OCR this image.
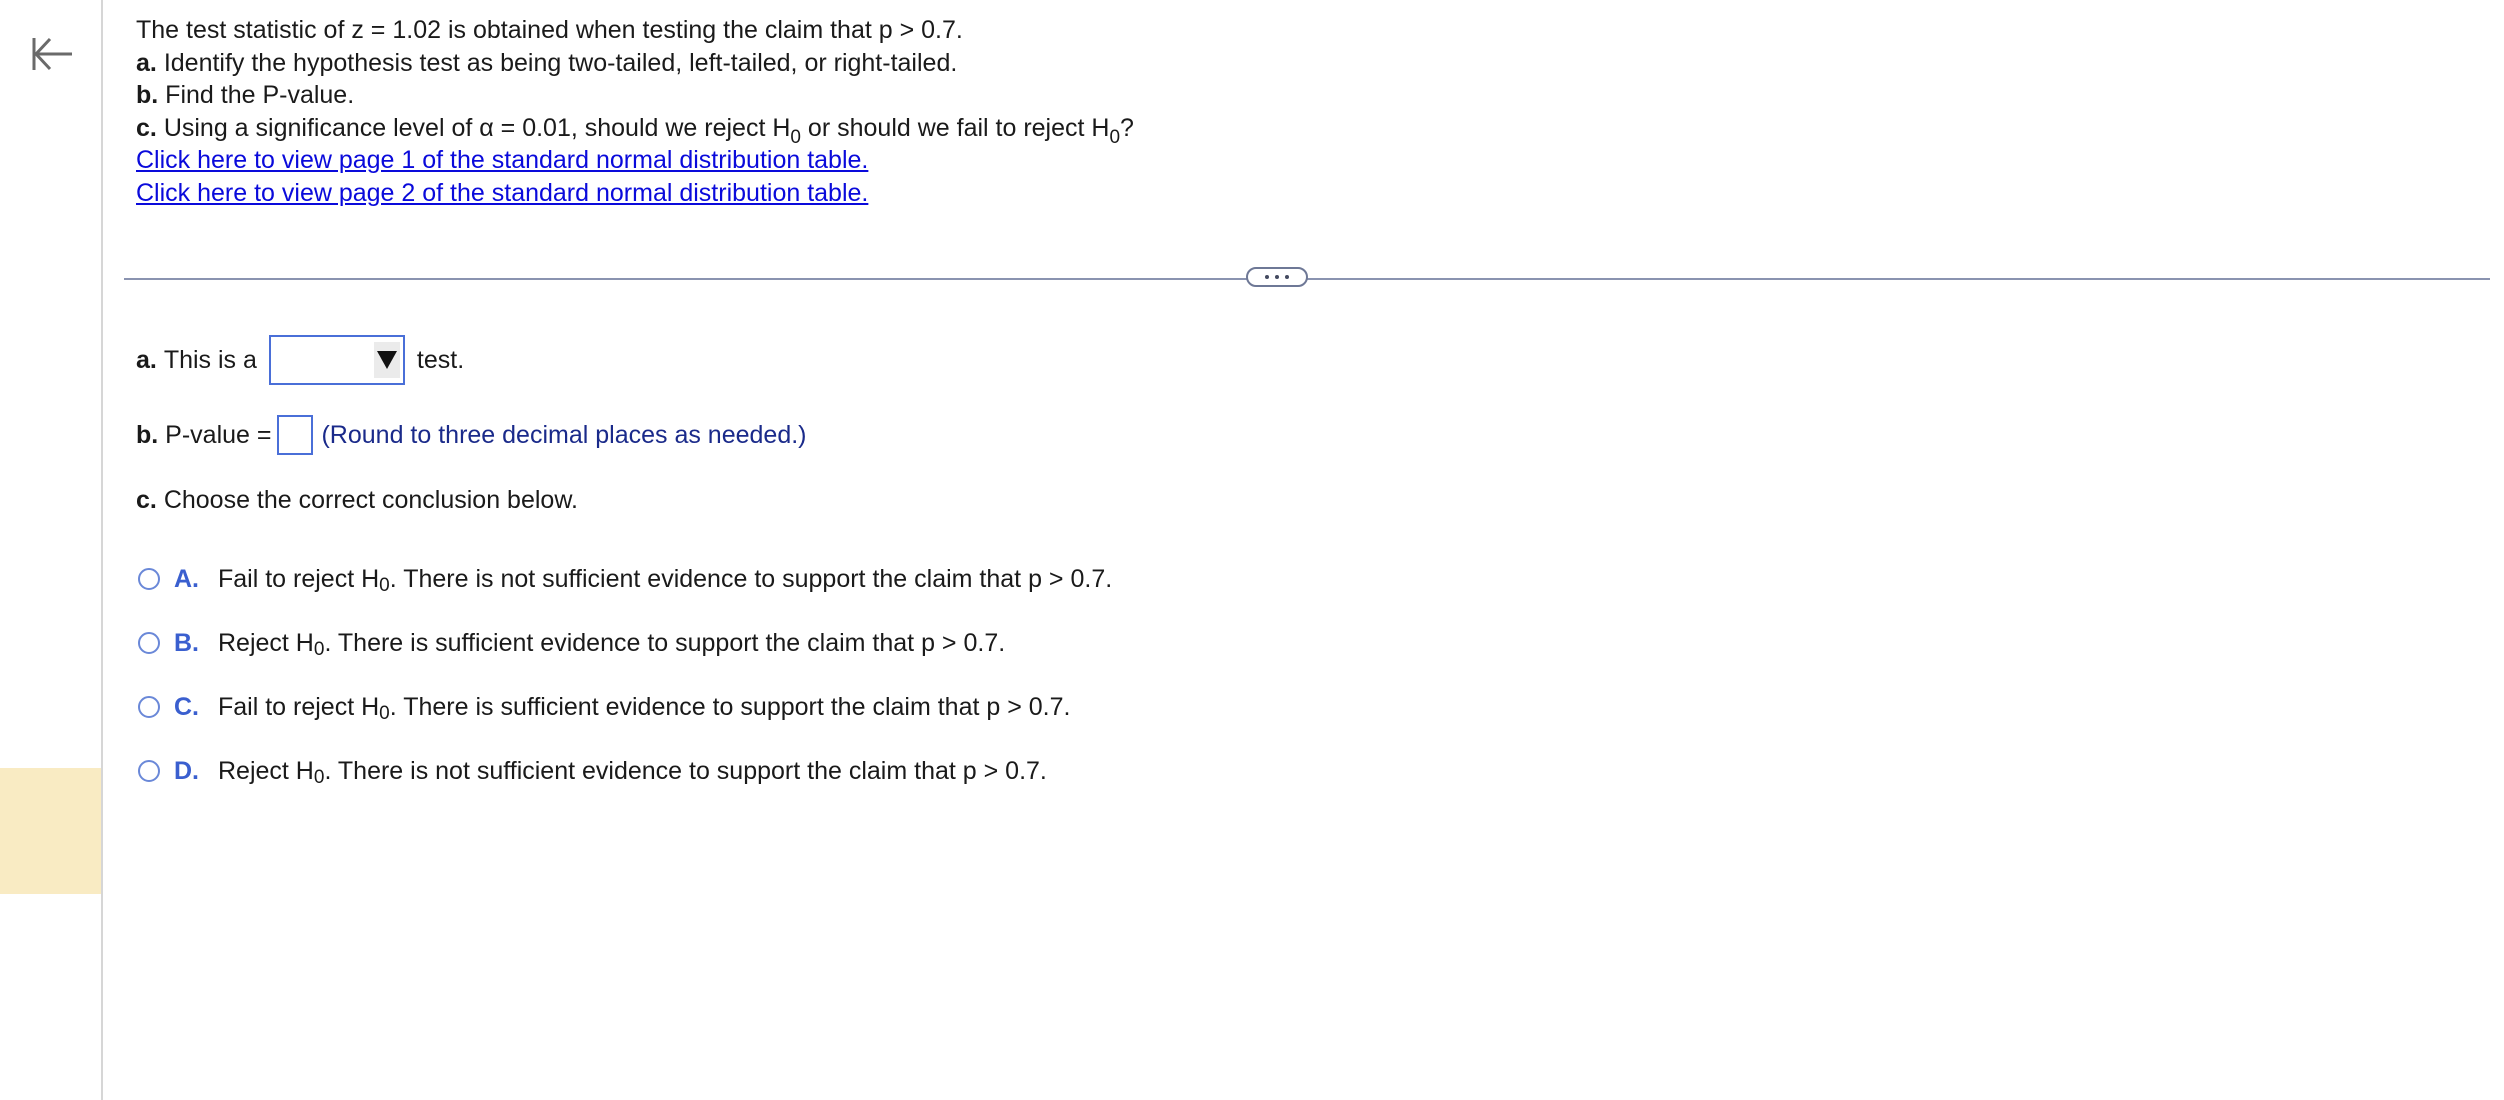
The test statistic of z = 1.02 is obtained when testing the claim that p > 0.7.
a. Identify the hypothesis test as being two-tailed, left-tailed, or right-tailed.
b. Find the P-value.
c. Using a significance level of α = 0.01, should we reject $H_0$ or should we fail to reject $H_0$?
Click here to view page 1 of the standard normal distribution table.
Click here to view page 2 of the standard normal distribution table.
a.
This is a	test.
b.
P-value = (Round to three decimal places as needed.)
c.
Choose the correct conclusion below.
A. Fail to reject H 0 . There is not sufficient evidence to support the claim that p > 0.7.
B. Reject H 0 . There is sufficient evidence to support the claim that p > 0.7.
C. Fail to reject H 0 . There is sufficient evidence to support the claim that p > 0.7.
D. Reject H 0 . There is not sufficient evidence to support the claim that p > 0.7.
